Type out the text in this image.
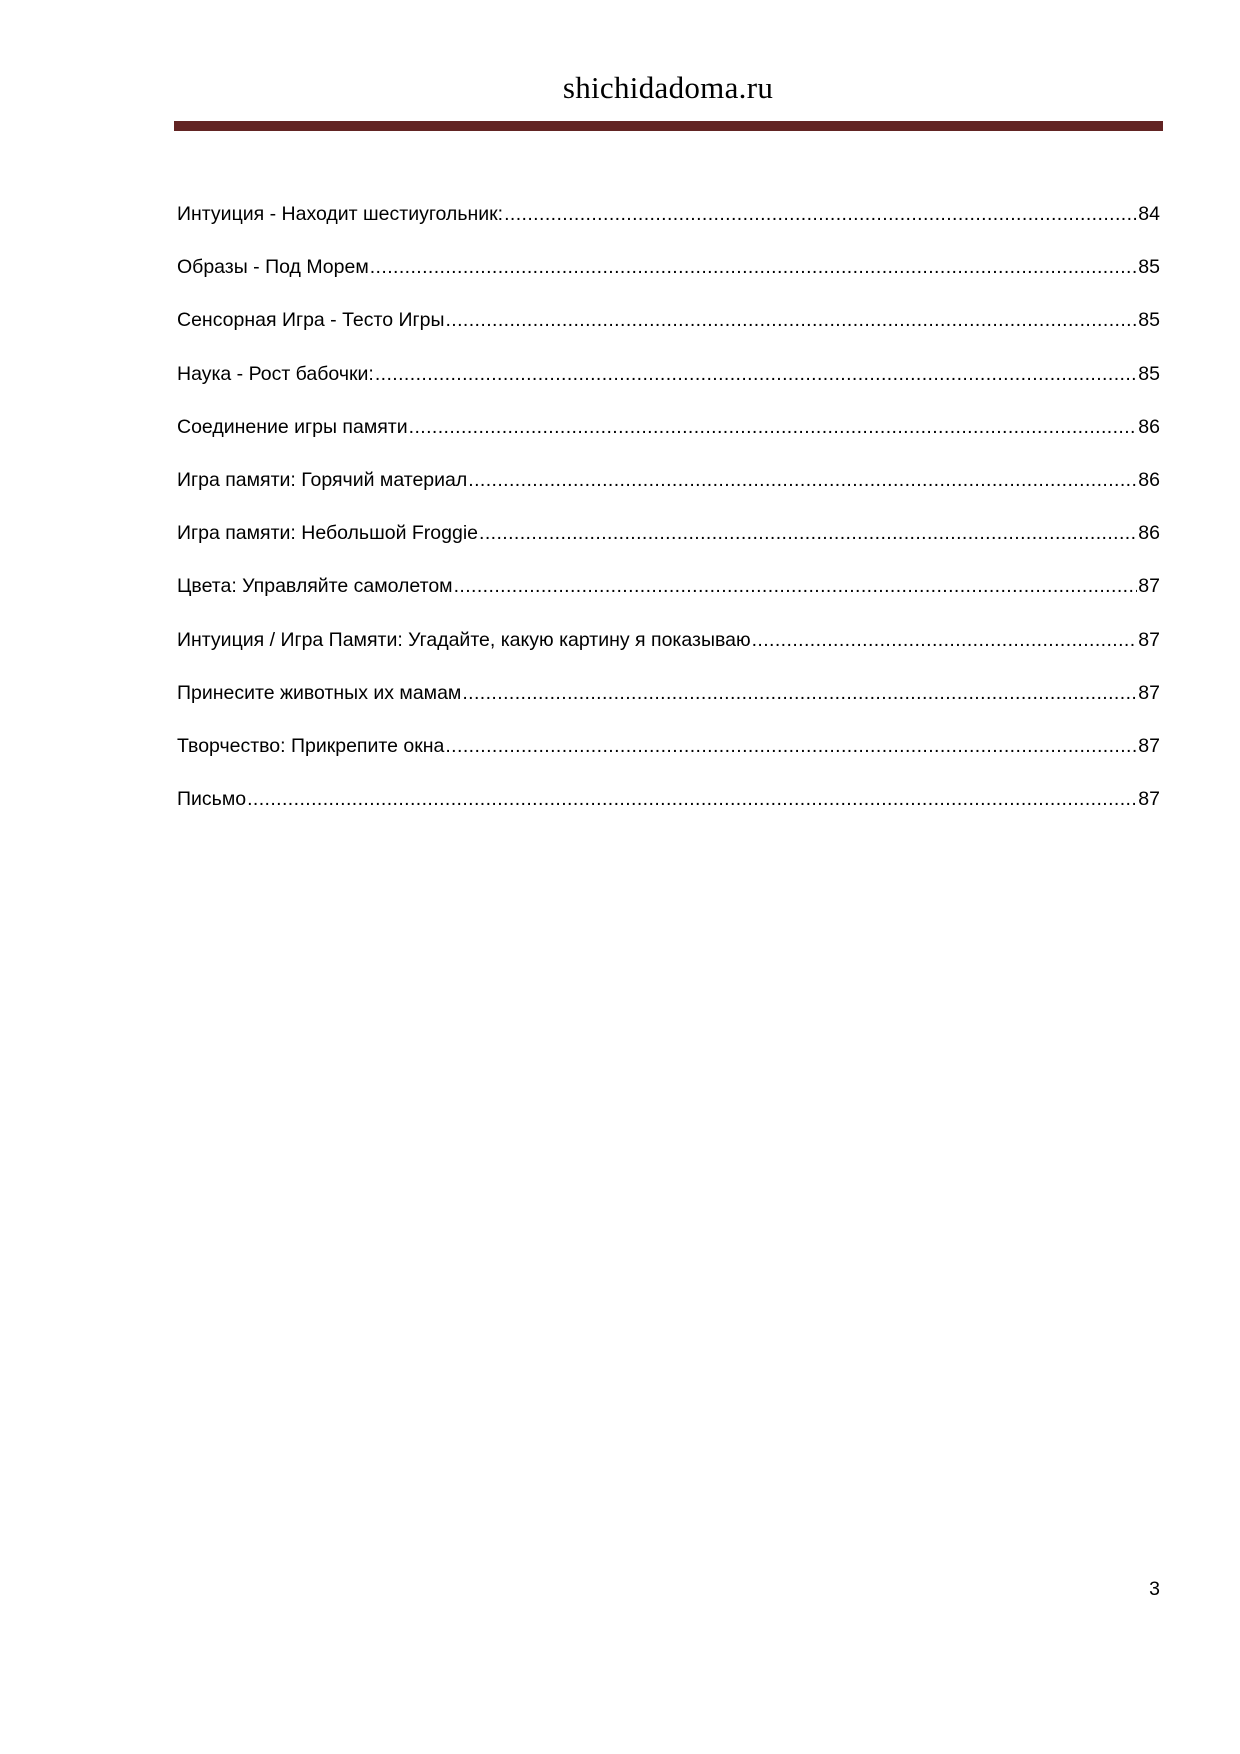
shichidadoma.ru
Интуиция - Находит шестиугольник: .....	84
Образы - Под Морем .....	85
Сенсорная Игра - Тесто Игры .....	85
Наука - Рост бабочки: .....	85
Соединение игры памяти .....	86
Игра памяти: Горячий материал .....	86
Игра памяти: Небольшой Froggie .....	86
Цвета: Управляйте самолетом .....	87
Интуиция / Игра Памяти: Угадайте, какую картину я показываю .....	87
Принесите животных их мамам .....	87
Творчество: Прикрепите окна .....	87
Письмо .....	87
3
